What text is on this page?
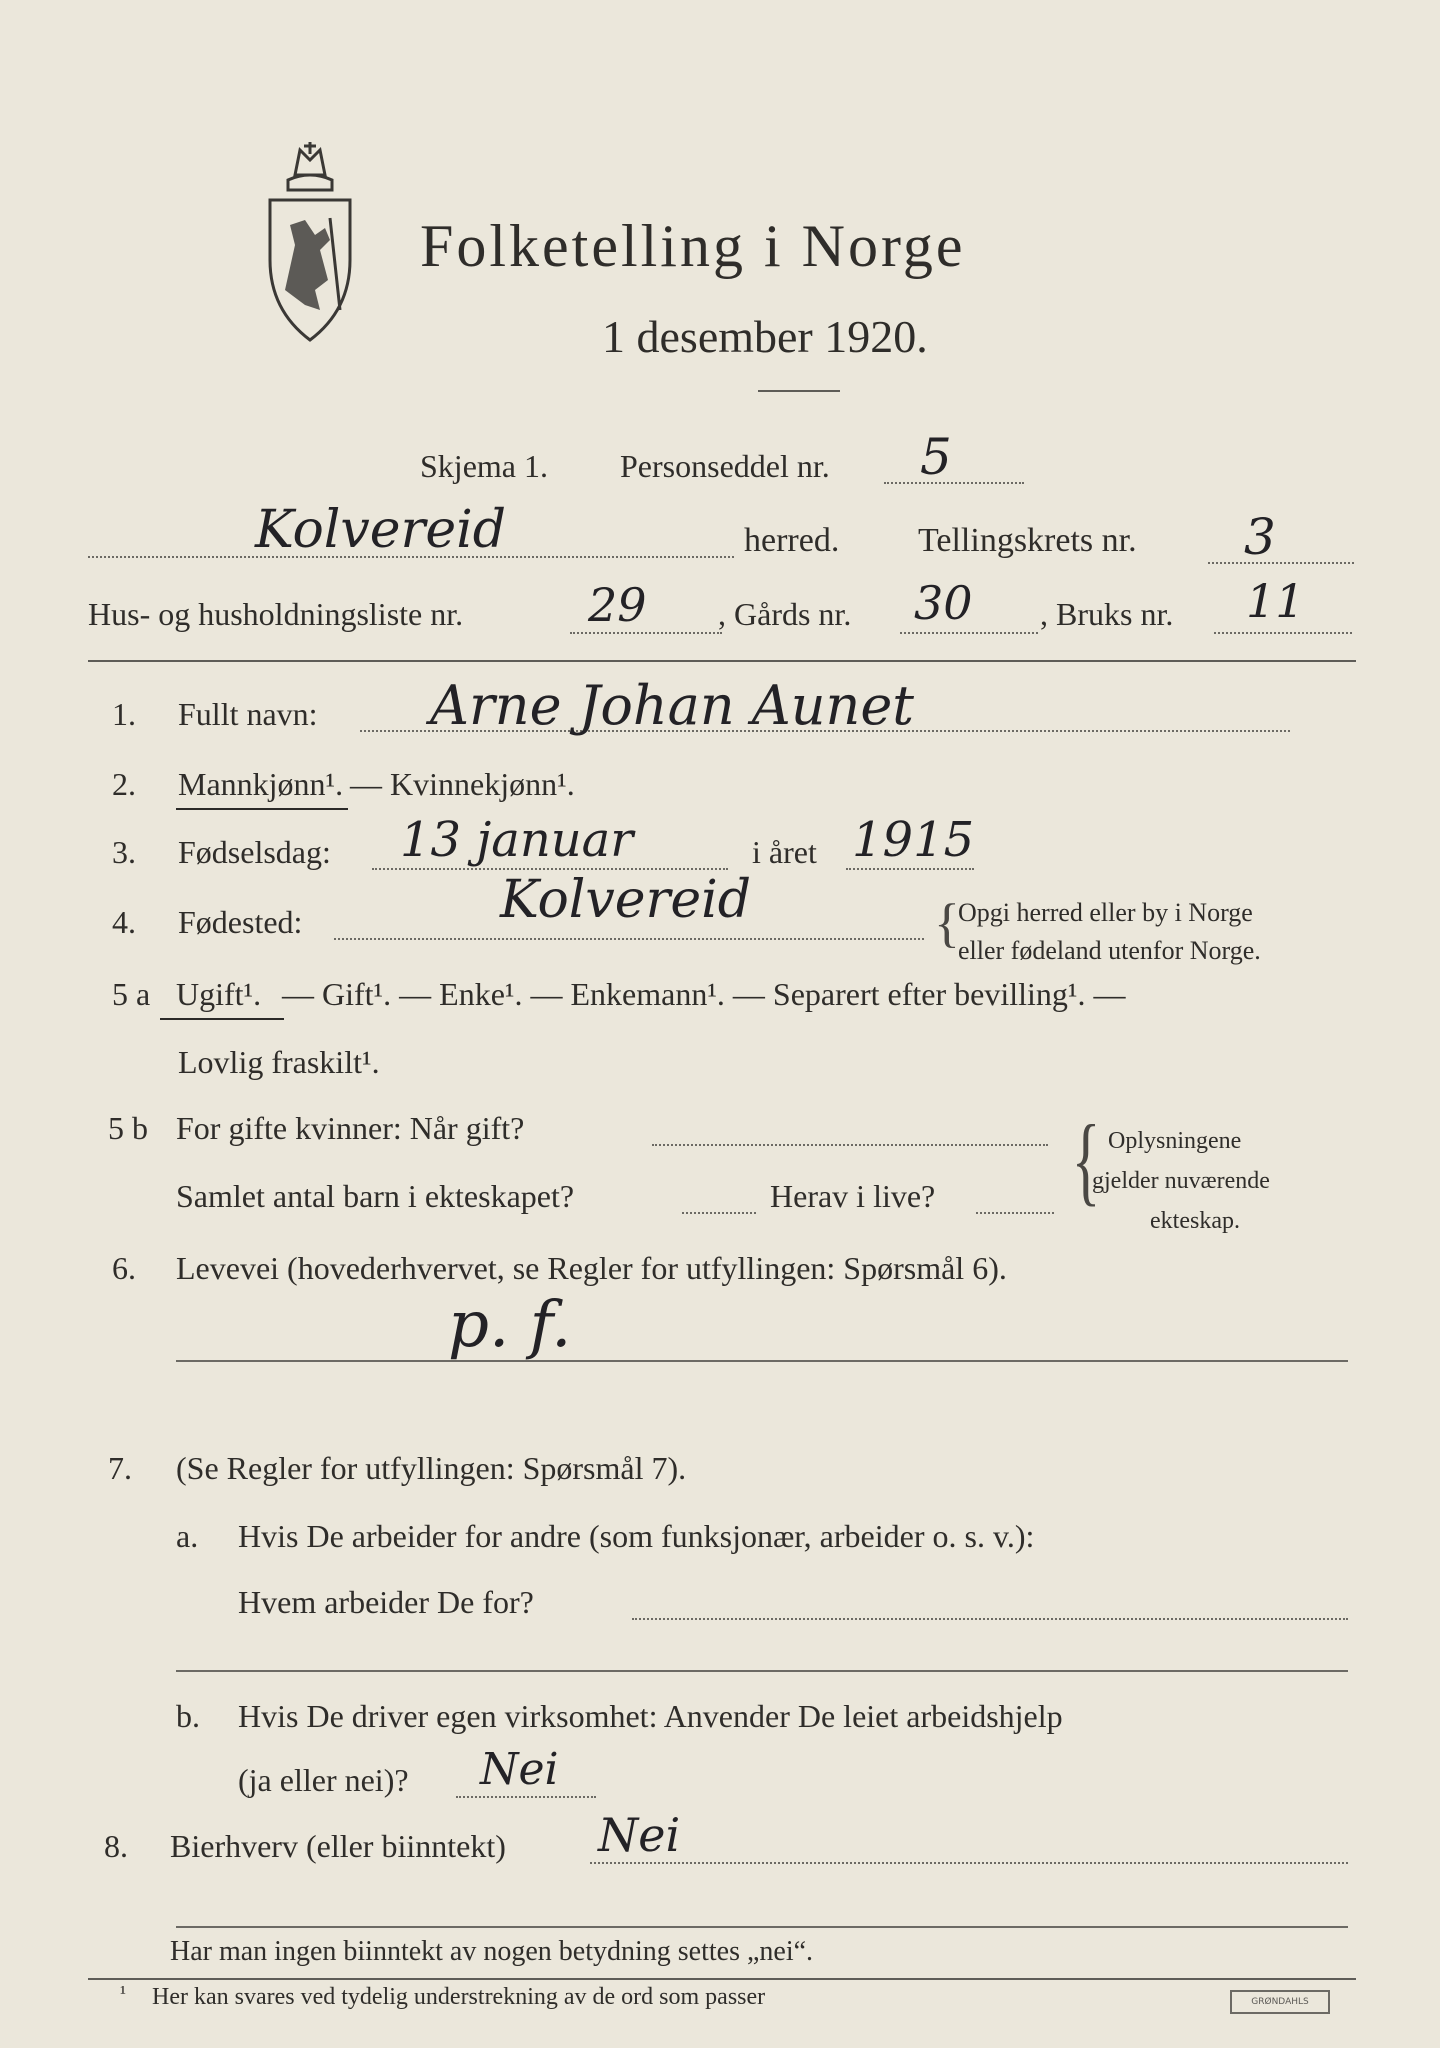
Folketelling i Norge
1 desember 1920.
Skjema 1. Personseddel nr. 5
Kolvereid	herred. Tellingskrets nr. 3
Hus- og husholdningsliste nr.	29 , Gårds nr. 30 , Bruks nr. 11
1. Fullt navn: Arne Johan Aunet
2. Mannkjønn¹. — Kvinnekjønn¹.
3. Fødselsdag: 13 januar	i året 1915
4. Fødested:	Kolvereid	{
Opgi herred eller by i Norge
eller fødeland utenfor Norge.
5 a Ugift¹. — Gift¹. — Enke¹. — Enkemann¹. — Separert efter bevilling¹. —
Lovlig fraskilt¹.
5 b For gifte kvinner: Når gift?
Samlet antal barn i ekteskapet?	Herav i live? { Oplysningene
gjelder nuværende
ekteskap.
6. Levevei (hovederhvervet, se Regler for utfyllingen: Spørsmål 6).
p. f.
7. (Se Regler for utfyllingen: Spørsmål 7).
a. Hvis De arbeider for andre (som funksjonær, arbeider o. s. v.):
Hvem arbeider De for?
b. Hvis De driver egen virksomhet: Anvender De leiet arbeidshjelp
(ja eller nei)? Nei
8. Bierhverv (eller biinntekt) Nei
Har man ingen biinntekt av nogen betydning settes „nei“.
¹ Her kan svares ved tydelig understrekning av de ord som passer	GRØNDAHLS
